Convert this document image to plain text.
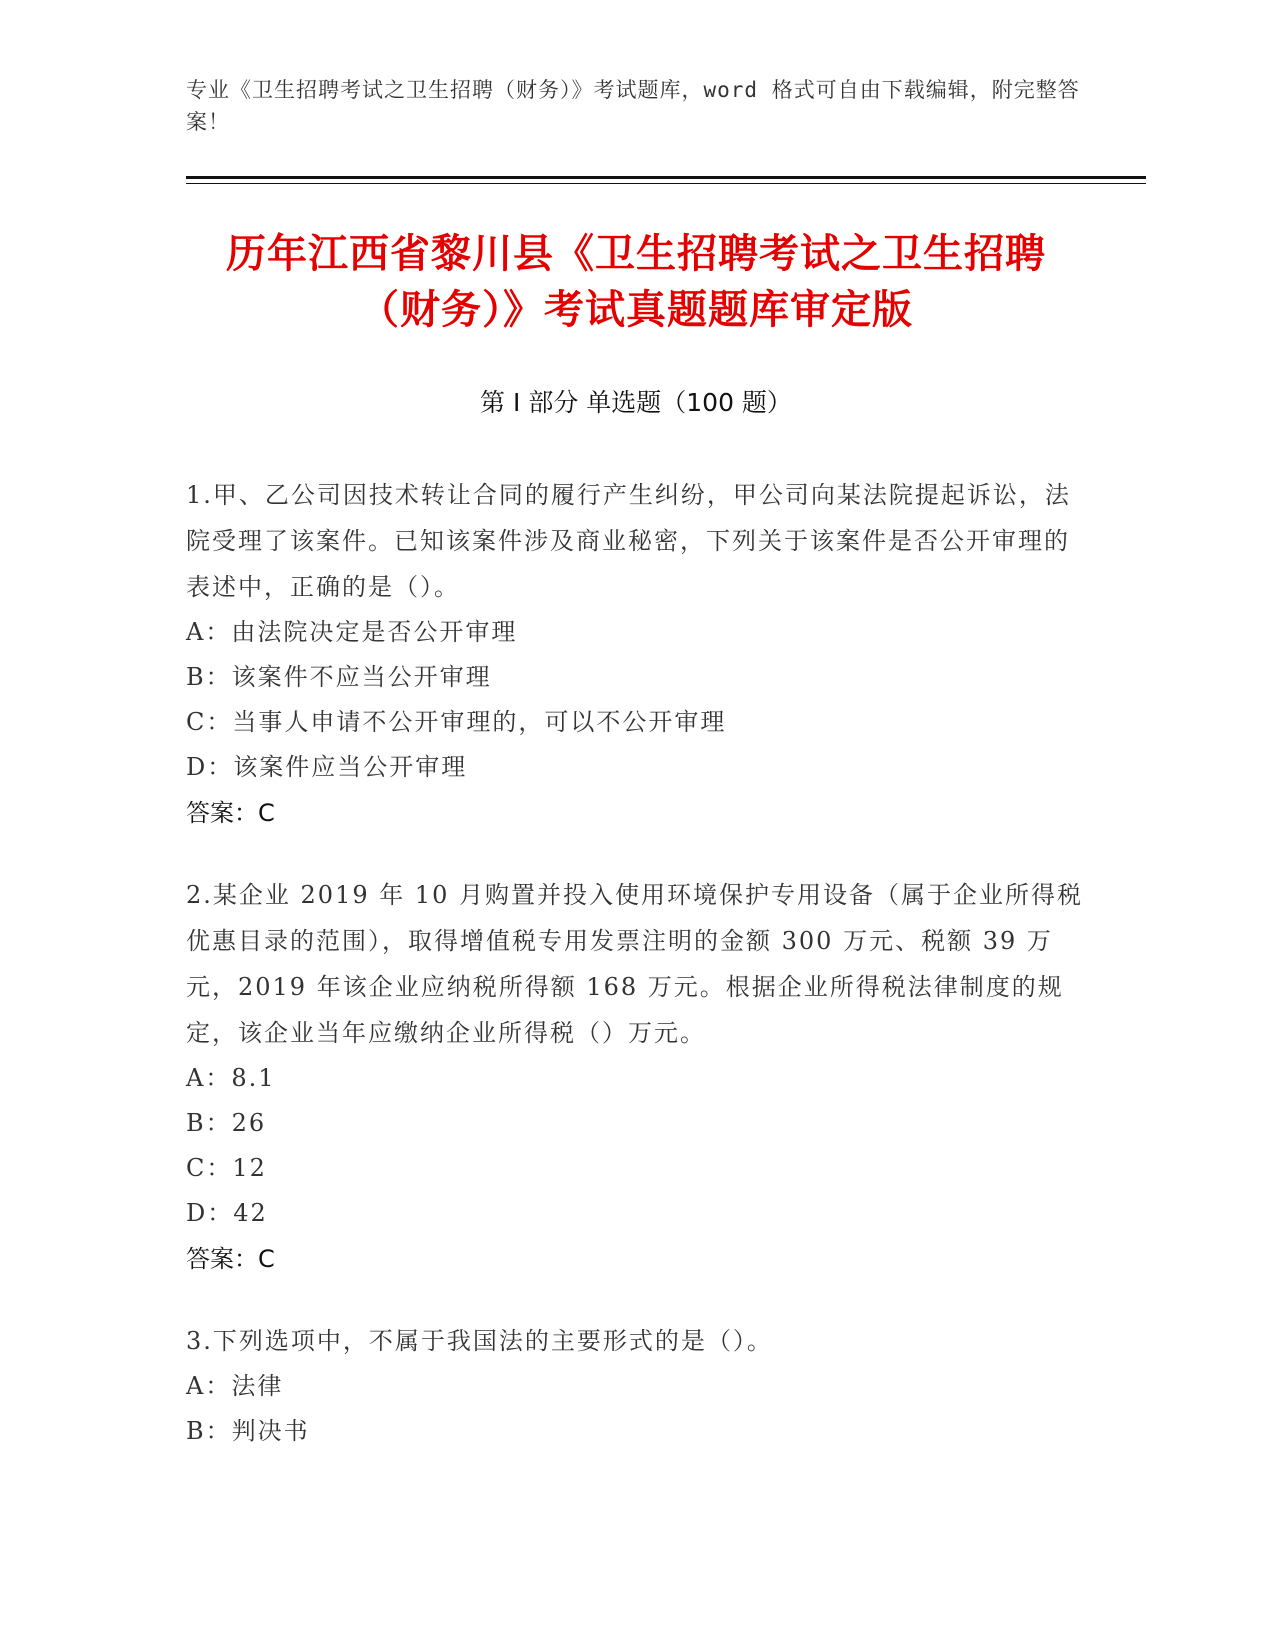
专业《卫生招聘考试之卫生招聘（财务）》考试题库，word 格式可自由下载编辑，附完整答案！
历年江西省黎川县《卫生招聘考试之卫生招聘（财务）》考试真题题库审定版
第 I 部分 单选题（100 题）
1.甲、乙公司因技术转让合同的履行产生纠纷，甲公司向某法院提起诉讼，法院受理了该案件。已知该案件涉及商业秘密，下列关于该案件是否公开审理的表述中，正确的是（）。
A：由法院决定是否公开审理
B：该案件不应当公开审理
C：当事人申请不公开审理的，可以不公开审理
D：该案件应当公开审理
答案：C
2.某企业 2019 年 10 月购置并投入使用环境保护专用设备（属于企业所得税优惠目录的范围），取得增值税专用发票注明的金额 300 万元、税额 39 万元，2019 年该企业应纳税所得额 168 万元。根据企业所得税法律制度的规定，该企业当年应缴纳企业所得税（）万元。
A：8.1
B：26
C：12
D：42
答案：C
3.下列选项中，不属于我国法的主要形式的是（）。
A：法律
B：判决书
